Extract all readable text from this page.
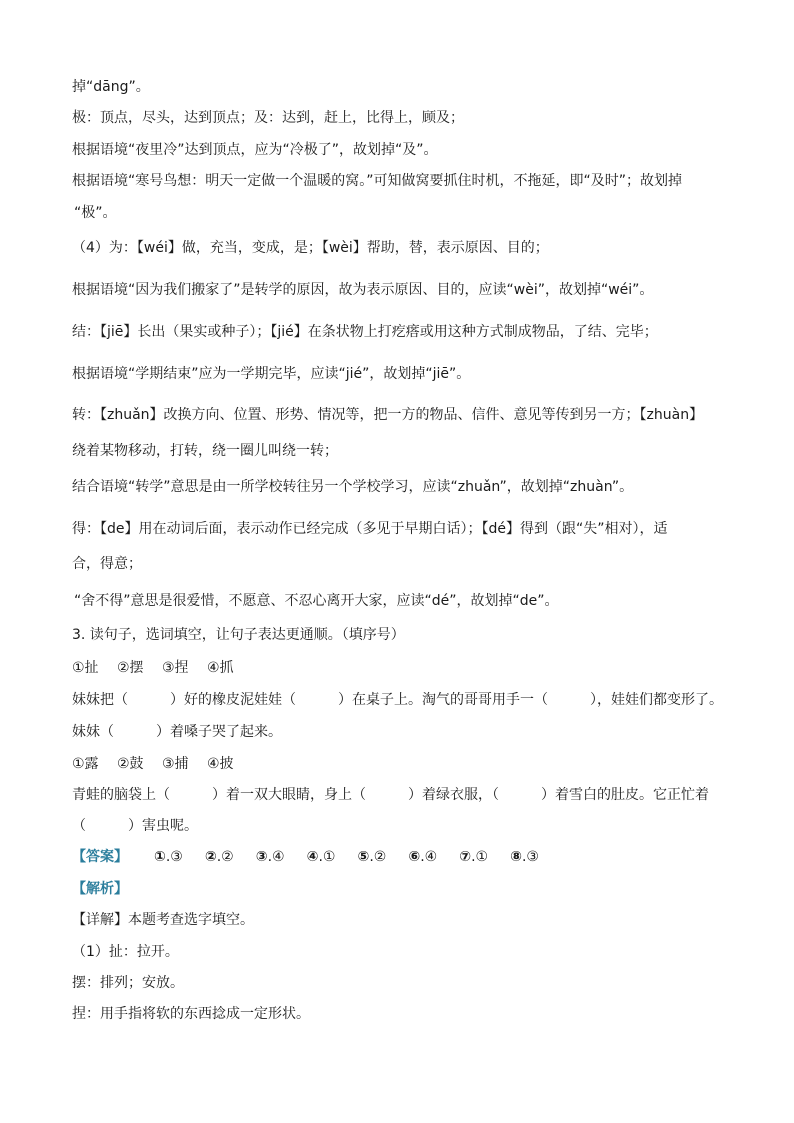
掉“dāng”。
极：顶点，尽头，达到顶点；及：达到，赶上，比得上，顾及；
根据语境“夜里冷”达到顶点，应为“冷极了”，故划掉“及”。
根据语境“寒号鸟想：明天一定做一个温暖的窝。”可知做窝要抓住时机，不拖延，即“及时”；故划掉
“极”。
（4）为：【wéi】做，充当，变成，是；【wèi】帮助，替，表示原因、目的；
根据语境“因为我们搬家了”是转学的原因，故为表示原因、目的，应读“wèi”，故划掉“wéi”。
结：【jiē】长出（果实或种子）；【jié】在条状物上打疙瘩或用这种方式制成物品，了结、完毕；
根据语境“学期结束”应为一学期完毕，应读“jié”，故划掉“jiē”。
转：【zhuǎn】改换方向、位置、形势、情况等，把一方的物品、信件、意见等传到另一方；【zhuàn】
绕着某物移动，打转，绕一圈儿叫绕一转；
结合语境“转学”意思是由一所学校转往另一个学校学习，应读“zhuǎn”，故划掉“zhuàn”。
得：【de】用在动词后面，表示动作已经完成（多见于早期白话）；【dé】得到（跟“失”相对），适
合，得意；
“舍不得”意思是很爱惜，不愿意、不忍心离开大家，应读“dé”，故划掉“de”。
3. 读句子，选词填空，让句子表达更通顺。（填序号）
①扯　 ②摆　 ③捏　 ④抓
妹妹把（　　　）好的橡皮泥娃娃（　　　）在桌子上。淘气的哥哥用手一（　　　），娃娃们都变形了。
妹妹（　　　）着嗓子哭了起来。
①露　 ②鼓　 ③捕　 ④披
青蛙的脑袋上（　　　）着一双大眼睛，身上（　　　）着绿衣服，（　　　）着雪白的肚皮。它正忙着
（　　　）害虫呢。
【答案】 ①.③ ②.② ③.④ ④.① ⑤.② ⑥.④ ⑦.① ⑧.③
【解析】
【详解】本题考查选字填空。
（1）扯：拉开。
摆：排列；安放。
捏：用手指将软的东西捻成一定形状。
